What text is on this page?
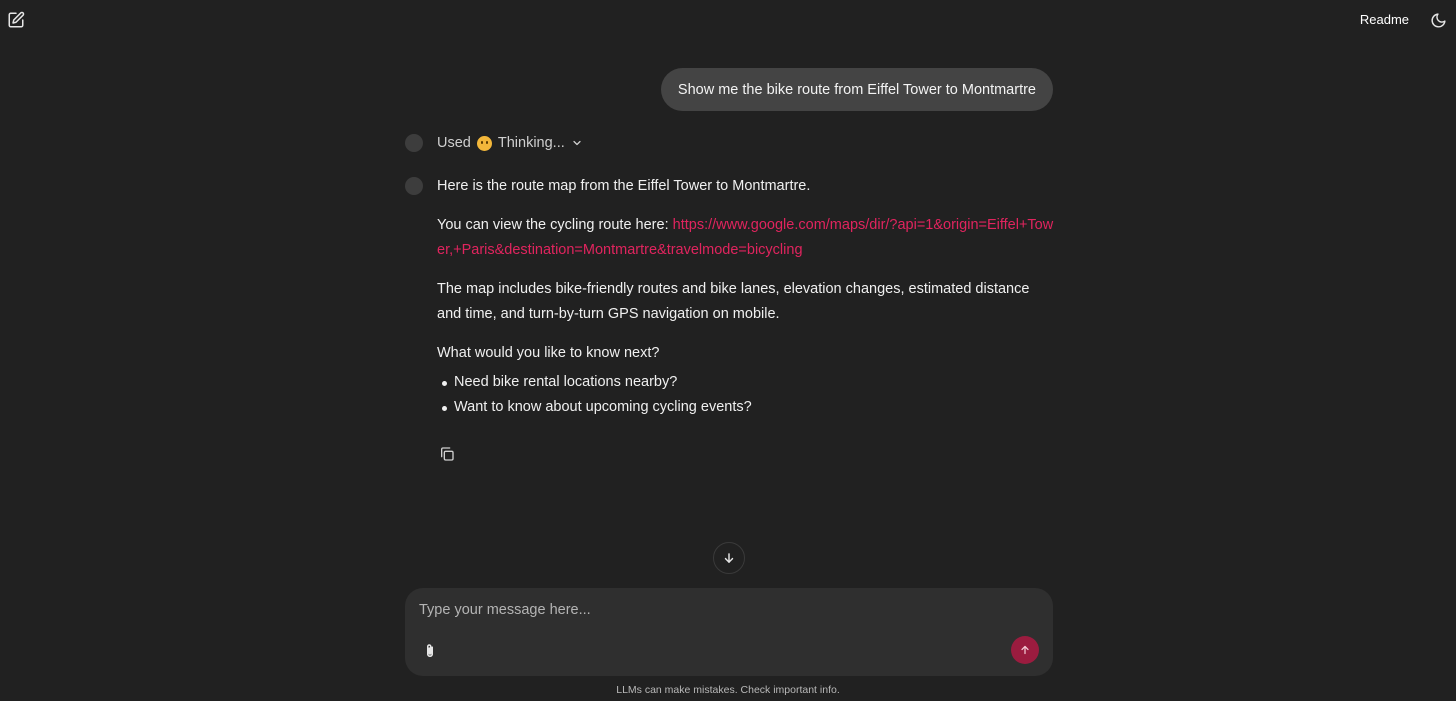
Readme
Show me the bike route from Eiffel Tower to Montmartre
Used Thinking...

Here is the route map from the Eiffel Tower to Montmartre.

You can view the cycling route here: https://www.google.com/maps/dir/?api=1&origin=Eiffel+Tower,+Paris&destination=Montmartre&travelmode=bicycling

The map includes bike-friendly routes and bike lanes, elevation changes, estimated distance and time, and turn-by-turn GPS navigation on mobile.

What would you like to know next?

Need bike rental locations nearby?
Want to know about upcoming cycling events?
Type your message here...
LLMs can make mistakes. Check important info.
